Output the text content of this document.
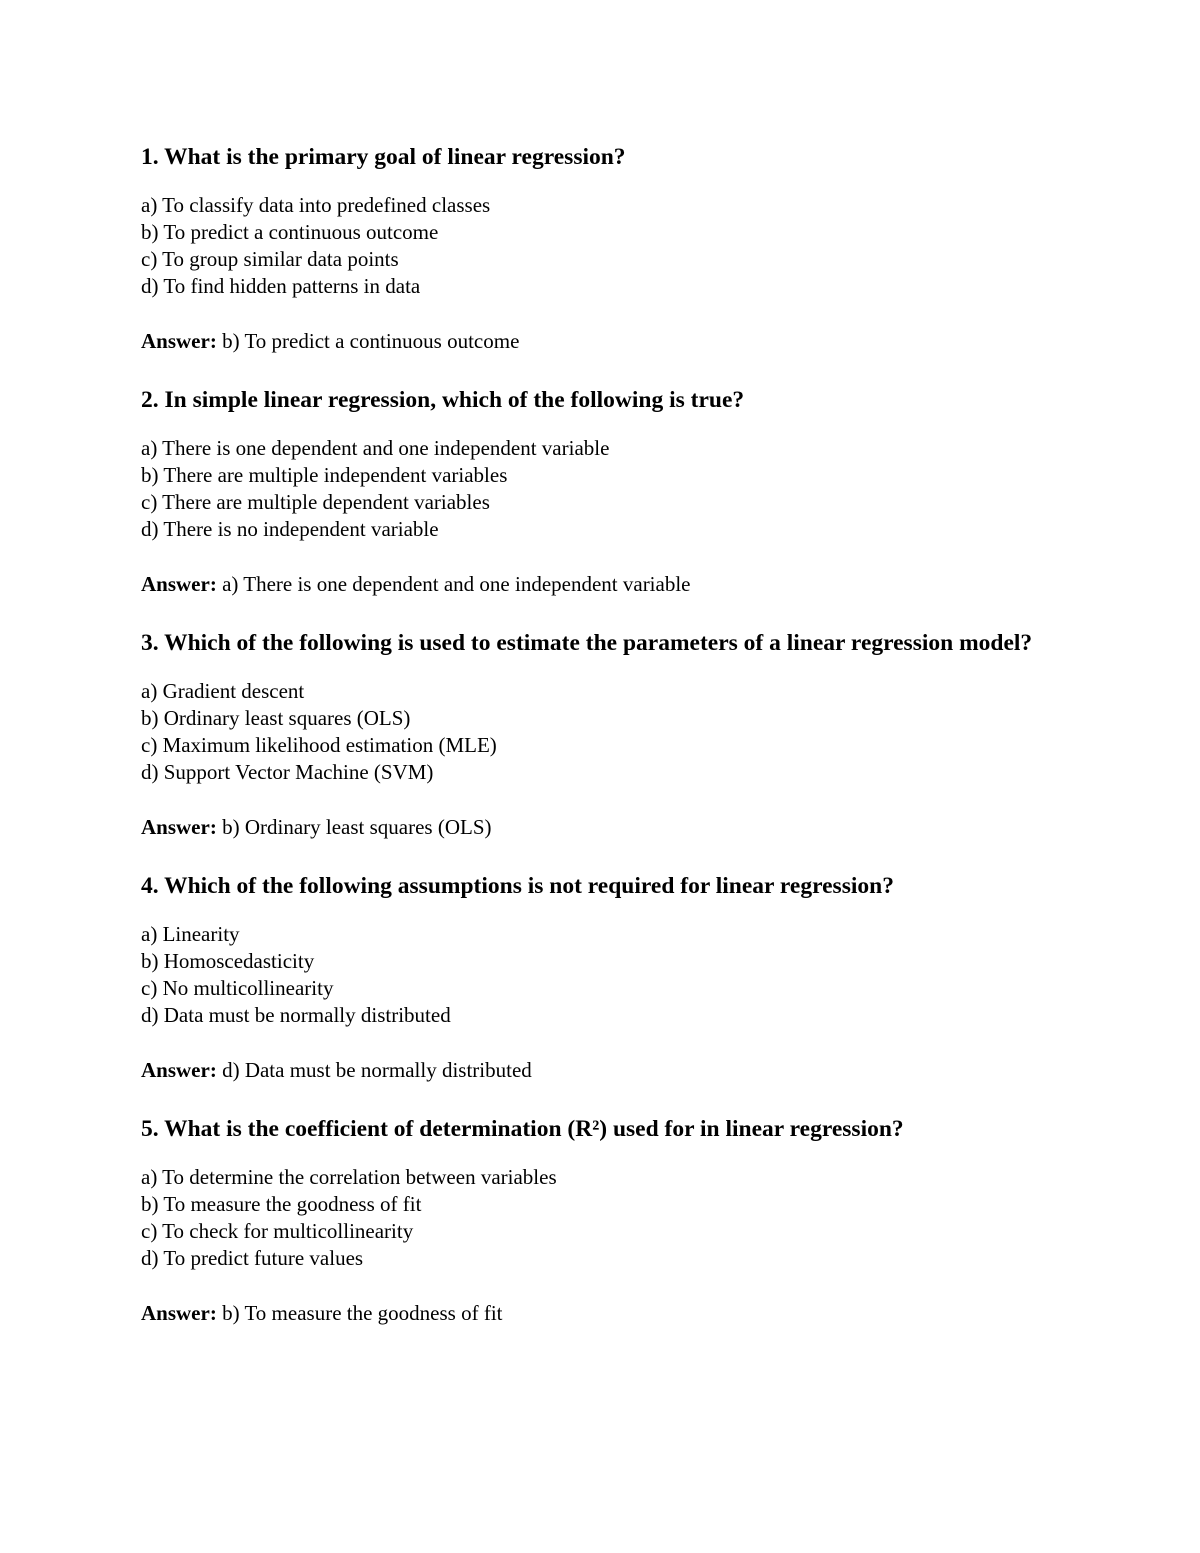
1. What is the primary goal of linear regression?

a) To classify data into predefined classes
b) To predict a continuous outcome
c) To group similar data points
d) To find hidden patterns in data

Answer: b) To predict a continuous outcome

2. In simple linear regression, which of the following is true?

a) There is one dependent and one independent variable
b) There are multiple independent variables
c) There are multiple dependent variables
d) There is no independent variable

Answer: a) There is one dependent and one independent variable

3. Which of the following is used to estimate the parameters of a linear regression model?

a) Gradient descent
b) Ordinary least squares (OLS)
c) Maximum likelihood estimation (MLE)
d) Support Vector Machine (SVM)

Answer: b) Ordinary least squares (OLS)

4. Which of the following assumptions is not required for linear regression?

a) Linearity
b) Homoscedasticity
c) No multicollinearity
d) Data must be normally distributed

Answer: d) Data must be normally distributed

5. What is the coefficient of determination (R²) used for in linear regression?

a) To determine the correlation between variables
b) To measure the goodness of fit
c) To check for multicollinearity
d) To predict future values

Answer: b) To measure the goodness of fit
